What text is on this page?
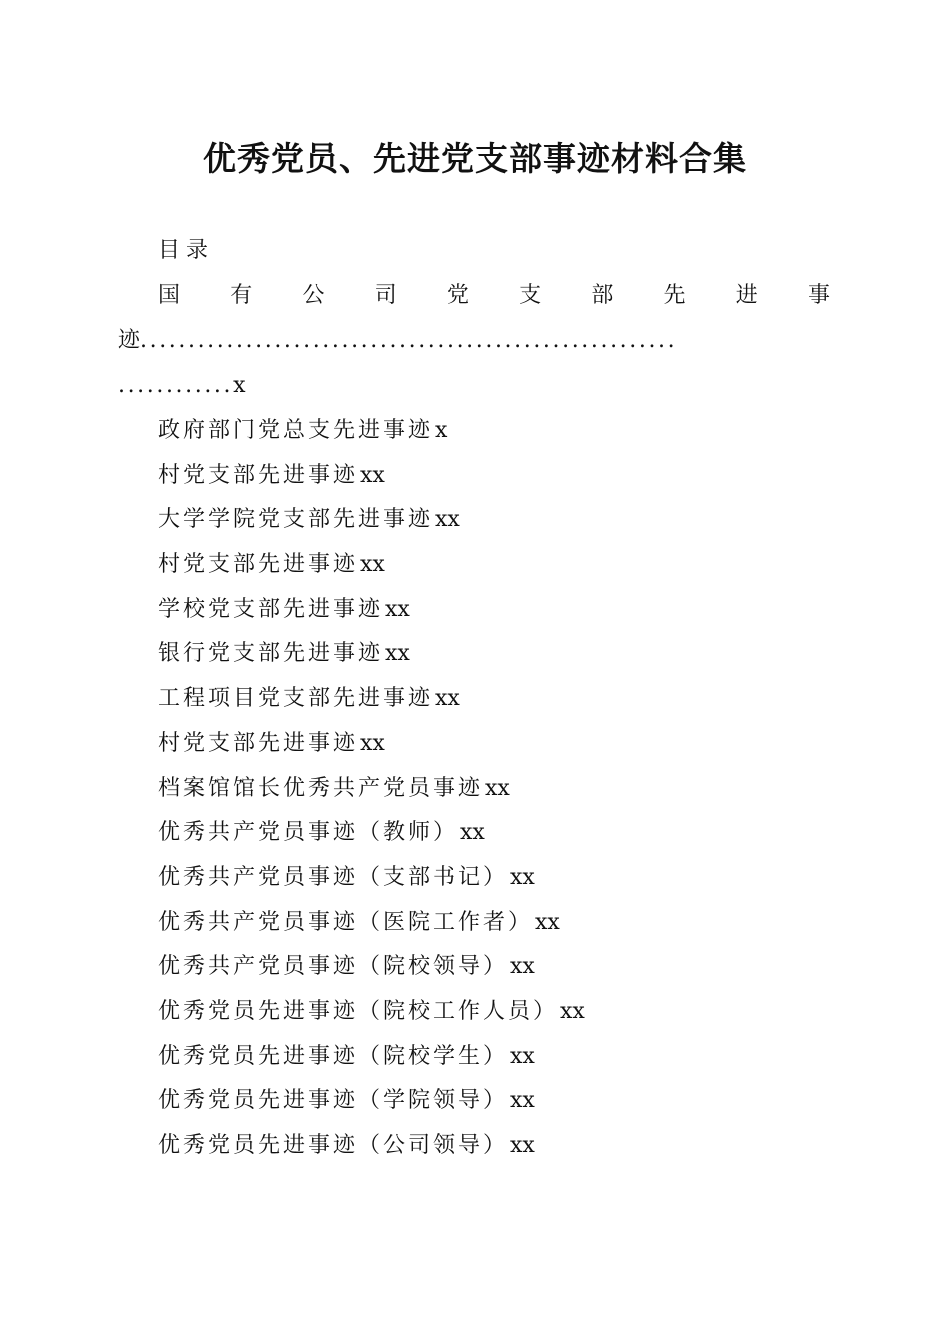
优秀党员、先进党支部事迹材料合集
目录
国 有 公 司 党 支 部 先 进 事
迹........................................................
............x
政府部门党总支先进事迹x
村党支部先进事迹xx
大学学院党支部先进事迹xx
村党支部先进事迹xx
学校党支部先进事迹xx
银行党支部先进事迹xx
工程项目党支部先进事迹xx
村党支部先进事迹xx
档案馆馆长优秀共产党员事迹xx
优秀共产党员事迹（教师）xx
优秀共产党员事迹（支部书记）xx
优秀共产党员事迹（医院工作者）xx
优秀共产党员事迹（院校领导）xx
优秀党员先进事迹（院校工作人员）xx
优秀党员先进事迹（院校学生）xx
优秀党员先进事迹（学院领导）xx
优秀党员先进事迹（公司领导）xx
